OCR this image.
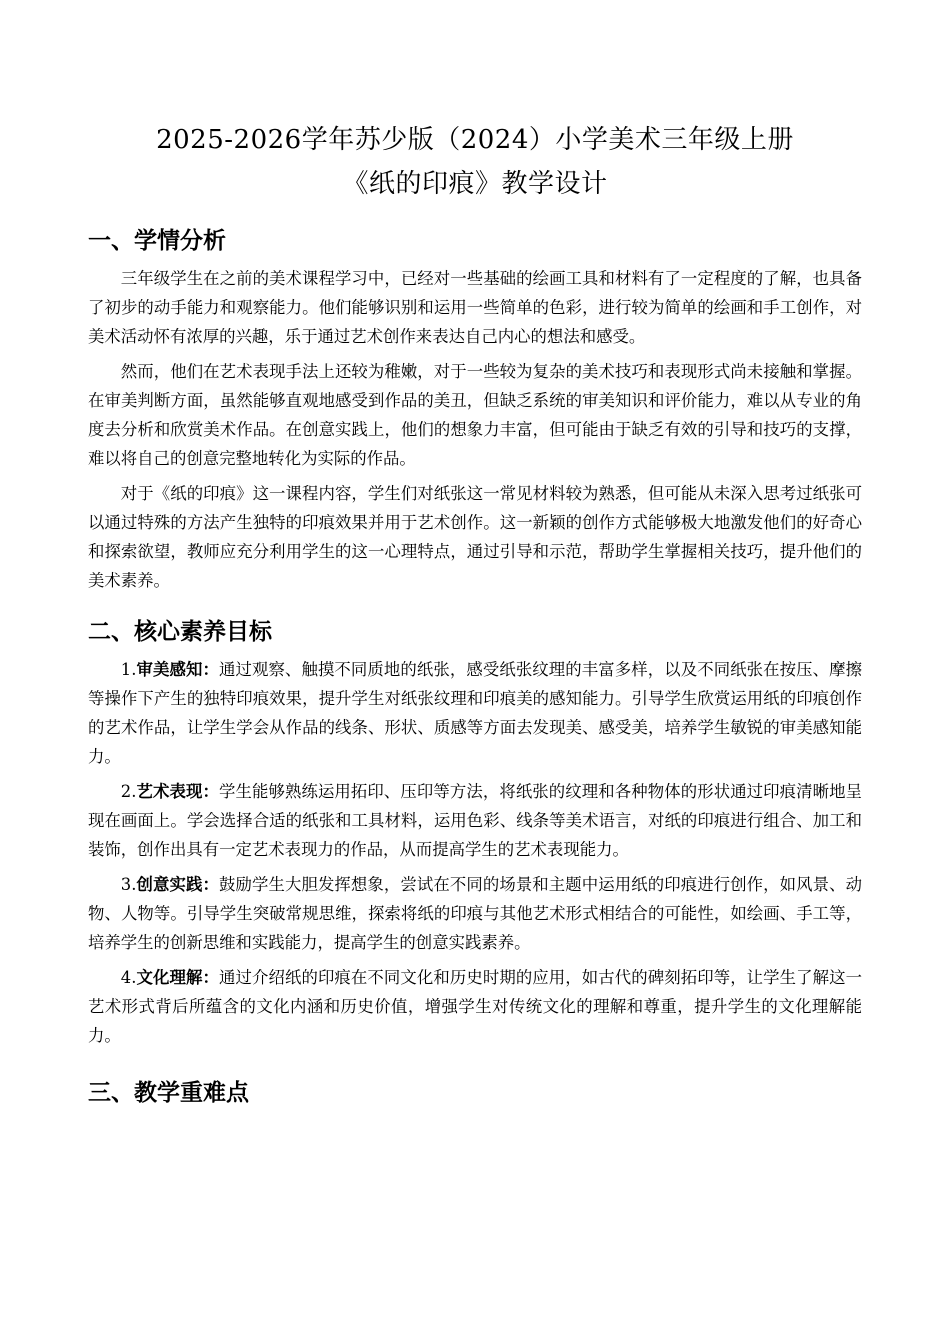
2025-2026学年苏少版（2024）小学美术三年级上册
《纸的印痕》教学设计
一、学情分析

三年级学生在之前的美术课程学习中，已经对一些基础的绘画工具和材料有了一定程度的了解，也具备了初步的动手能力和观察能力。他们能够识别和运用一些简单的色彩，进行较为简单的绘画和手工创作，对美术活动怀有浓厚的兴趣，乐于通过艺术创作来表达自己内心的想法和感受。

然而，他们在艺术表现手法上还较为稚嫩，对于一些较为复杂的美术技巧和表现形式尚未接触和掌握。在审美判断方面，虽然能够直观地感受到作品的美丑，但缺乏系统的审美知识和评价能力，难以从专业的角度去分析和欣赏美术作品。在创意实践上，他们的想象力丰富，但可能由于缺乏有效的引导和技巧的支撑，难以将自己的创意完整地转化为实际的作品。

对于《纸的印痕》这一课程内容，学生们对纸张这一常见材料较为熟悉，但可能从未深入思考过纸张可以通过特殊的方法产生独特的印痕效果并用于艺术创作。这一新颖的创作方式能够极大地激发他们的好奇心和探索欲望，教师应充分利用学生的这一心理特点，通过引导和示范，帮助学生掌握相关技巧，提升他们的美术素养。

二、核心素养目标

1.审美感知：通过观察、触摸不同质地的纸张，感受纸张纹理的丰富多样，以及不同纸张在按压、摩擦等操作下产生的独特印痕效果，提升学生对纸张纹理和印痕美的感知能力。引导学生欣赏运用纸的印痕创作的艺术作品，让学生学会从作品的线条、形状、质感等方面去发现美、感受美，培养学生敏锐的审美感知能力。

2.艺术表现：学生能够熟练运用拓印、压印等方法，将纸张的纹理和各种物体的形状通过印痕清晰地呈现在画面上。学会选择合适的纸张和工具材料，运用色彩、线条等美术语言，对纸的印痕进行组合、加工和装饰，创作出具有一定艺术表现力的作品，从而提高学生的艺术表现能力。

3.创意实践：鼓励学生大胆发挥想象，尝试在不同的场景和主题中运用纸的印痕进行创作，如风景、动物、人物等。引导学生突破常规思维，探索将纸的印痕与其他艺术形式相结合的可能性，如绘画、手工等，培养学生的创新思维和实践能力，提高学生的创意实践素养。

4.文化理解：通过介绍纸的印痕在不同文化和历史时期的应用，如古代的碑刻拓印等，让学生了解这一艺术形式背后所蕴含的文化内涵和历史价值，增强学生对传统文化的理解和尊重，提升学生的文化理解能力。

三、教学重难点
